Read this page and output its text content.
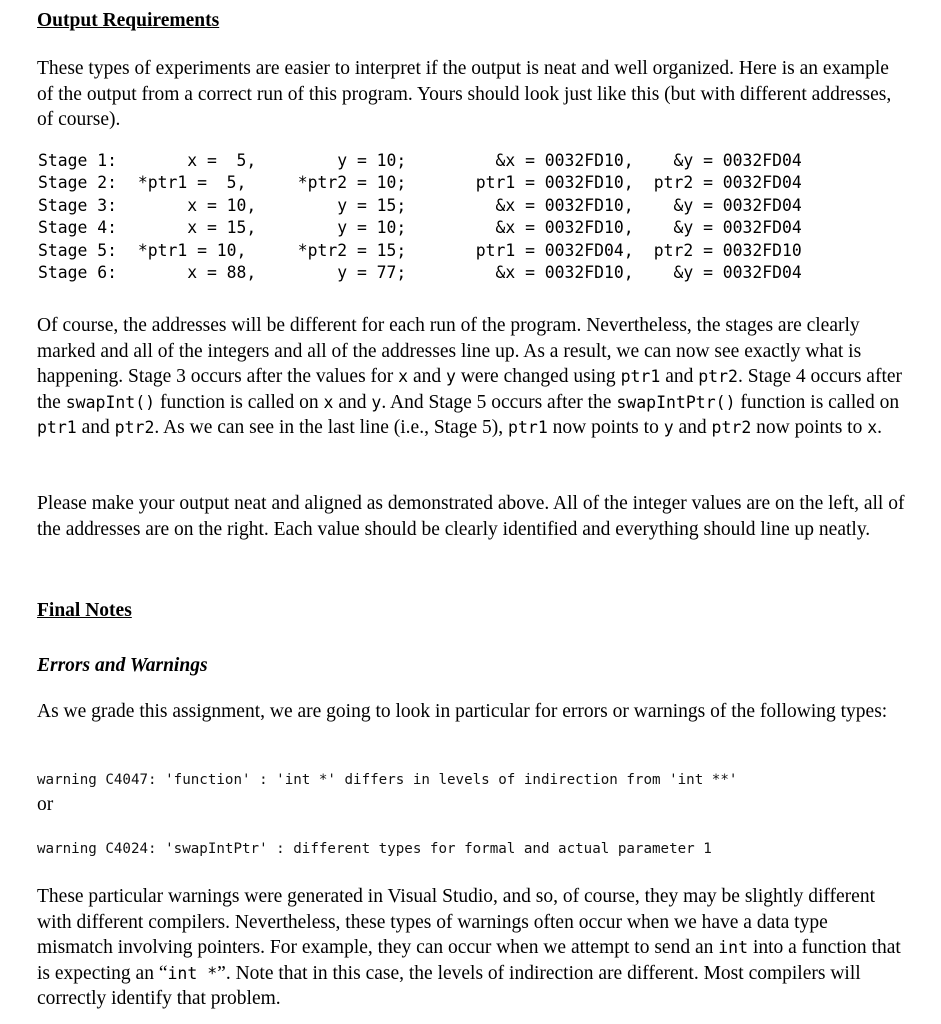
Output Requirements
These types of experiments are easier to interpret if the output is neat and well organized. Here is an example of the output from a correct run of this program. Yours should look just like this (but with different addresses, of course).
Stage 1:	x =  5,	y = 10;	&x = 0032FD10,	&y = 0032FD04
Stage 2:	*ptr1 =  5,	*ptr2 = 10;	ptr1 = 0032FD10,	ptr2 = 0032FD04
Stage 3:	x = 10,	y = 15;	&x = 0032FD10,	&y = 0032FD04
Stage 4:	x = 15,	y = 10;	&x = 0032FD10,	&y = 0032FD04
Stage 5:	*ptr1 = 10,	*ptr2 = 15;	ptr1 = 0032FD04,	ptr2 = 0032FD10
Stage 6:	x = 88,	y = 77;	&x = 0032FD10,	&y = 0032FD04
Of course, the addresses will be different for each run of the program. Nevertheless, the stages are clearly marked and all of the integers and all of the addresses line up. As a result, we can now see exactly what is happening. Stage 3 occurs after the values for x and y were changed using ptr1 and ptr2. Stage 4 occurs after the swapInt() function is called on x and y. And Stage 5 occurs after the swapIntPtr() function is called on ptr1 and ptr2. As we can see in the last line (i.e., Stage 5), ptr1 now points to y and ptr2 now points to x.
Please make your output neat and aligned as demonstrated above. All of the integer values are on the left, all of the addresses are on the right. Each value should be clearly identified and everything should line up neatly.
Final Notes
Errors and Warnings
As we grade this assignment, we are going to look in particular for errors or warnings of the following types:
warning C4047: 'function' : 'int *' differs in levels of indirection from 'int **'
or
warning C4024: 'swapIntPtr' : different types for formal and actual parameter 1
These particular warnings were generated in Visual Studio, and so, of course, they may be slightly different with different compilers. Nevertheless, these types of warnings often occur when we have a data type mismatch involving pointers. For example, they can occur when we attempt to send an int into a function that is expecting an “int *”. Note that in this case, the levels of indirection are different. Most compilers will correctly identify that problem.
